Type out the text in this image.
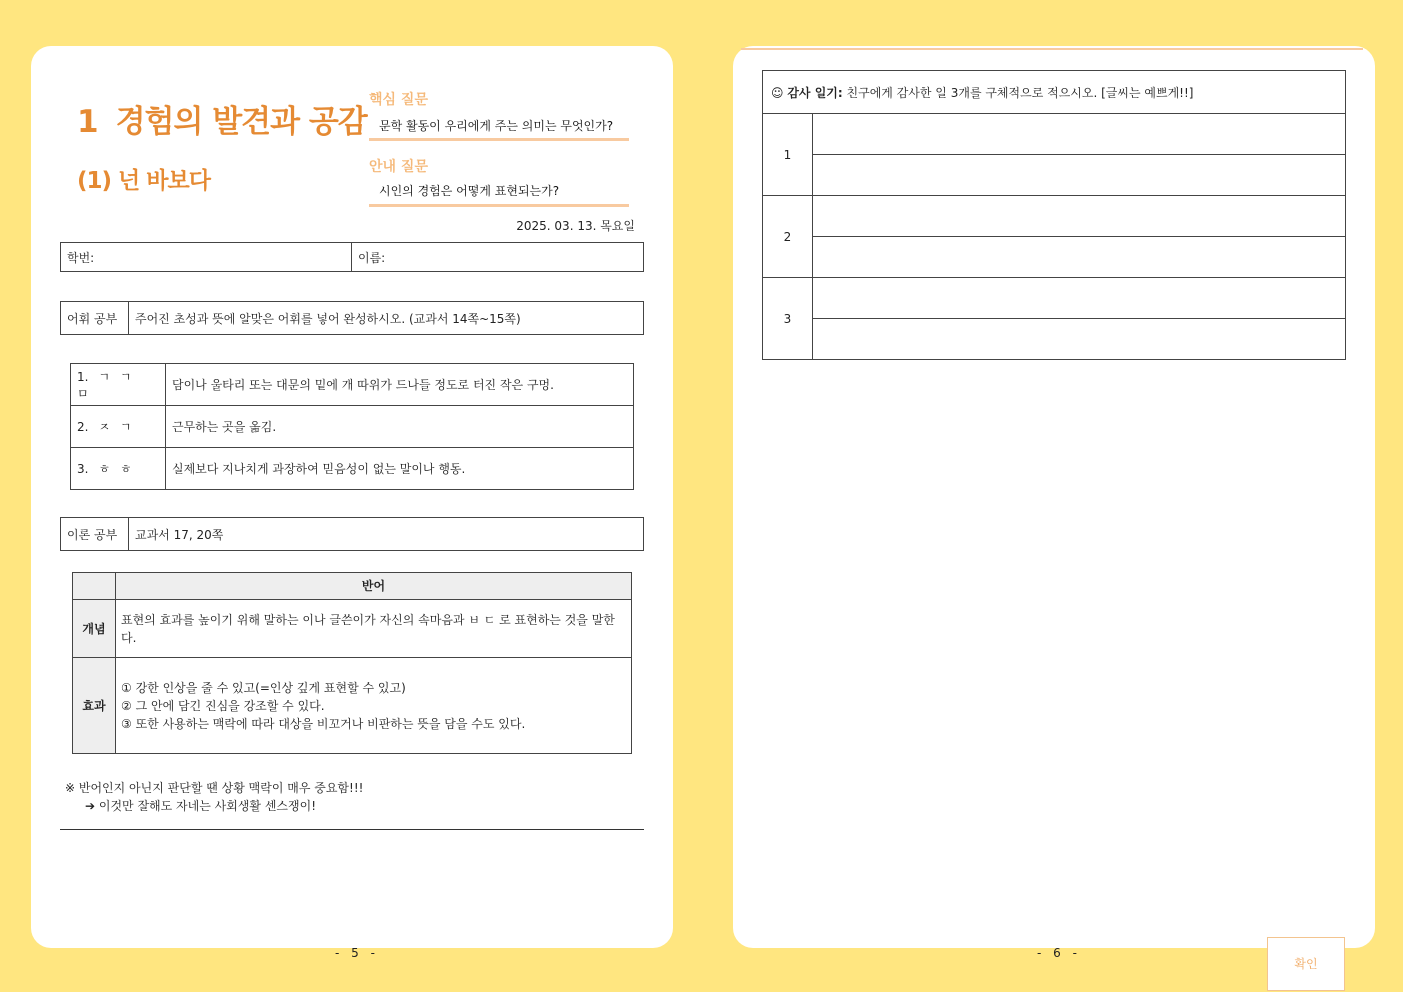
1 경험의 발견과 공감
(1) 넌 바보다
핵심 질문
문학 활동이 우리에게 주는 의미는 무엇인가?
안내 질문
시인의 경험은 어떻게 표현되는가?
2025. 03. 13. 목요일
학번:	이름:
어휘 공부	주어진 초성과 뜻에 알맞은 어휘를 넣어 완성하시오. (교과서 14쪽~15쪽)
1. ㄱ ㄱㅁ	담이나 울타리 또는 대문의 밑에 개 따위가 드나들 정도로 터진 작은 구멍.
2. ㅈ ㄱ	근무하는 곳을 옮김.
3. ㅎ ㅎ	실제보다 지나치게 과장하여 믿음성이 없는 말이나 행동.
이론 공부	교과서 17, 20쪽
	반어
개념	표현의 효과를 높이기 위해 말하는 이나 글쓴이가 자신의 속마음과 ㅂ ㄷ 로 표현하는 것을 말한다.
효과	① 강한 인상을 줄 수 있고(=인상 깊게 표현할 수 있고)
② 그 안에 담긴 진심을 강조할 수 있다.
③ 또한 사용하는 맥락에 따라 대상을 비꼬거나 비판하는 뜻을 담을 수도 있다.
※ 반어인지 아닌지 판단할 땐 상황 맥락이 매우 중요함!!!
➔ 이것만 잘해도 자네는 사회생활 센스쟁이!
- 5 -
☺ 감사 일기: 친구에게 감사한 일 3개를 구체적으로 적으시오. [글씨는 예쁘게!!]	
1	

2	

3	

- 6 -
확인
